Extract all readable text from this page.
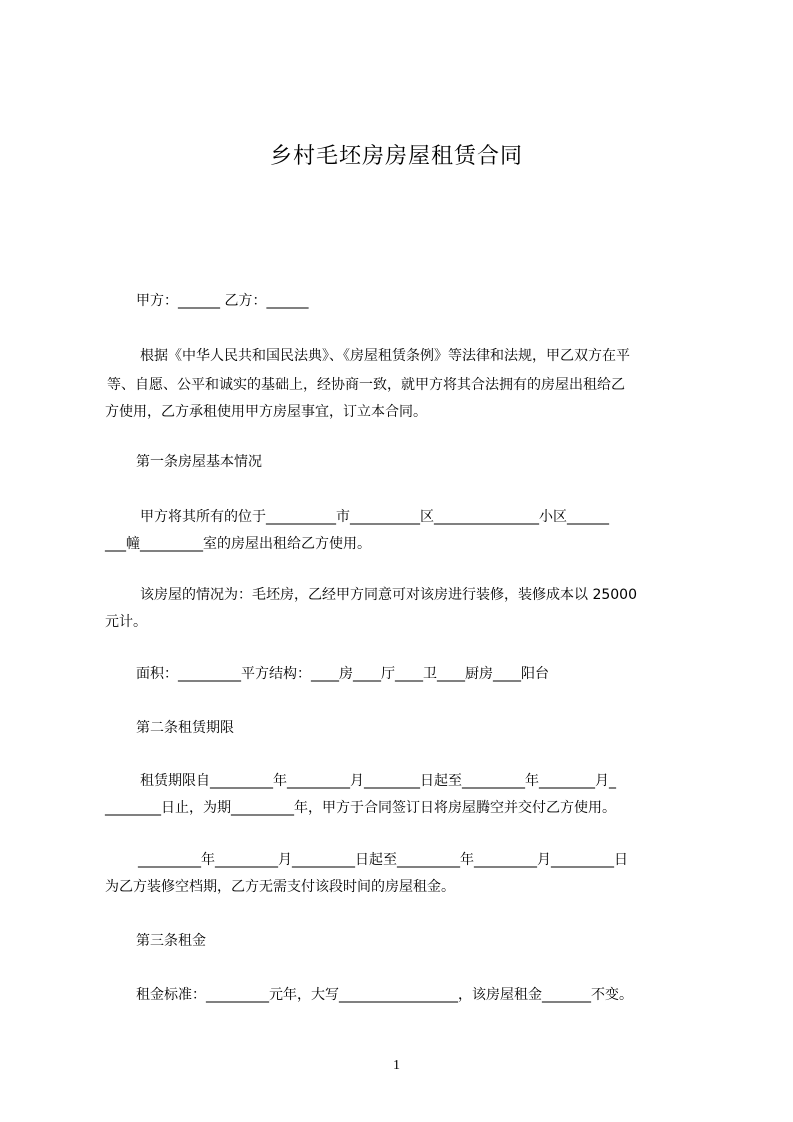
乡村毛坯房房屋租赁合同
甲方：______ 乙方：______
根据《中华人民共和国民法典》、《房屋租赁条例》等法律和法规，甲乙双方在平
等、自愿、公平和诚实的基础上，经协商一致，就甲方将其合法拥有的房屋出租给乙
方使用，乙方承租使用甲方房屋事宜，订立本合同。
第一条房屋基本情况
甲方将其所有的位于__________市__________区_______________小区______
___幢_________室的房屋出租给乙方使用。
该房屋的情况为：毛坯房，乙经甲方同意可对该房进行装修，装修成本以 25000
元计。
面积：_________平方结构：____房____厅____卫____厨房____阳台
第二条租赁期限
租赁期限自_________年_________月________日起至_________年________月_
________日止，为期_________年，甲方于合同签订日将房屋腾空并交付乙方使用。
_________年_________月_________日起至_________年_________月_________日
为乙方装修空档期，乙方无需支付该段时间的房屋租金。
第三条租金
租金标准：_________元年，大写_________________，该房屋租金_______不变。
1
